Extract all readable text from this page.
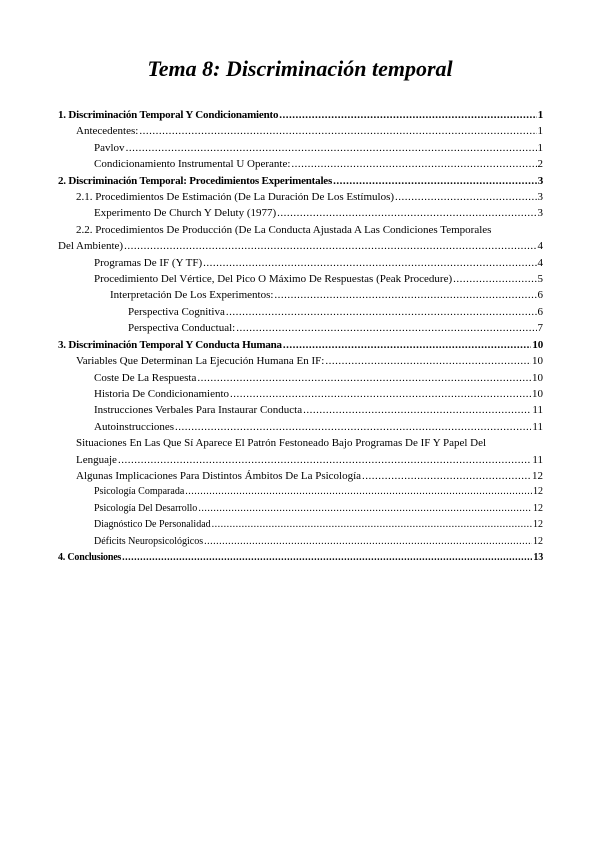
Tema 8: Discriminación temporal
1. Discriminación Temporal Y Condicionamiento .....	1
Antecedentes: .....	1
Pavlov .....	1
Condicionamiento Instrumental U Operante: .....	2
2. Discriminación Temporal: Procedimientos Experimentales .....	3
2.1. Procedimientos De Estimación (De La Duración De Los Estímulos) .....	3
Experimento De Church Y Deluty (1977) .....	3
2.2. Procedimientos De Producción (De La Conducta Ajustada A Las Condiciones Temporales
Del Ambiente) .....	4
Programas De IF (Y TF) .....	4
Procedimiento Del Vértice, Del Pico O Máximo De Respuestas (Peak Procedure) .....	5
Interpretación De Los Experimentos: .....	6
Perspectiva Cognitiva .....	6
Perspectiva Conductual: .....	7
3. Discriminación Temporal Y Conducta Humana .....	10
Variables Que Determinan La Ejecución Humana En IF: .....	10
Coste De La Respuesta .....	10
Historia De Condicionamiento .....	10
Instrucciones Verbales Para Instaurar Conducta .....	11
Autoinstrucciones .....	11
Situaciones En Las Que Sí Aparece El Patrón Festoneado Bajo Programas De IF Y Papel Del
Lenguaje .....	11
Algunas Implicaciones Para Distintos Ámbitos De La Psicología .....	12
Psicología Comparada .....	12
Psicología Del Desarrollo .....	12
Diagnóstico De Personalidad .....	12
Déficits Neuropsicológicos .....	12
4. Conclusiones .....	13
